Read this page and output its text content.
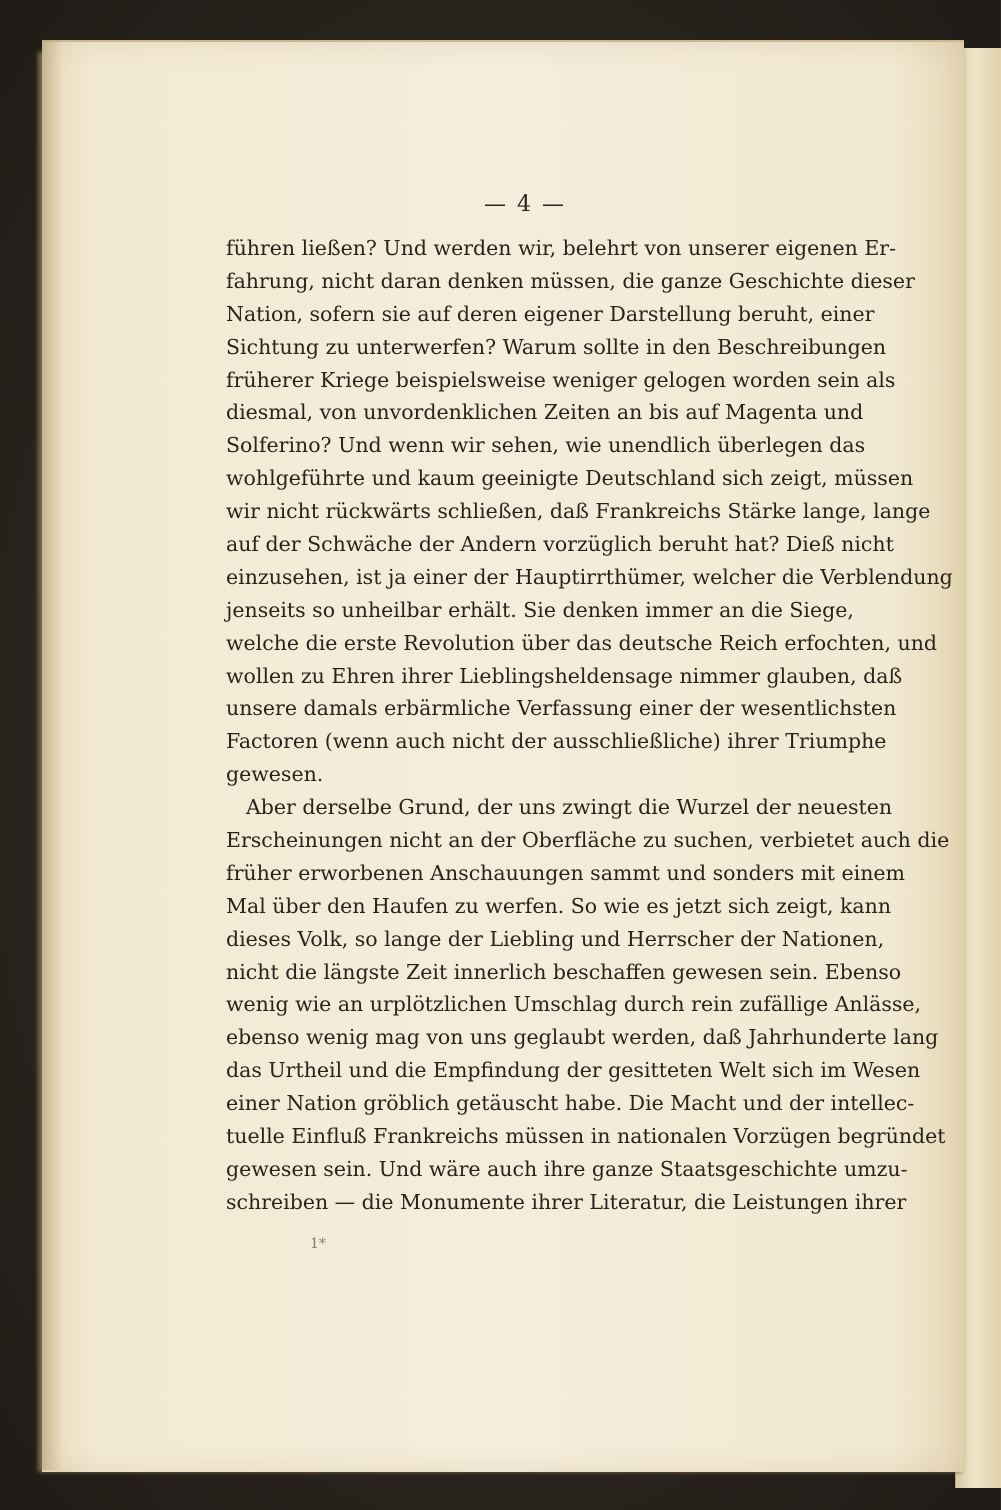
— 4 —
führen ließen? Und werden wir, belehrt von unserer eigenen Er-
fahrung, nicht daran denken müssen, die ganze Geschichte dieser
Nation, sofern sie auf deren eigener Darstellung beruht, einer
Sichtung zu unterwerfen? Warum sollte in den Beschreibungen
früherer Kriege beispielsweise weniger gelogen worden sein als
diesmal, von unvordenklichen Zeiten an bis auf Magenta und
Solferino? Und wenn wir sehen, wie unendlich überlegen das
wohlgeführte und kaum geeinigte Deutschland sich zeigt, müssen
wir nicht rückwärts schließen, daß Frankreichs Stärke lange, lange
auf der Schwäche der Andern vorzüglich beruht hat? Dieß nicht
einzusehen, ist ja einer der Hauptirrthümer, welcher die Verblendung
jenseits so unheilbar erhält. Sie denken immer an die Siege,
welche die erste Revolution über das deutsche Reich erfochten, und
wollen zu Ehren ihrer Lieblingsheldensage nimmer glauben, daß
unsere damals erbärmliche Verfassung einer der wesentlichsten
Factoren (wenn auch nicht der ausschließliche) ihrer Triumphe
gewesen.
Aber derselbe Grund, der uns zwingt die Wurzel der neuesten
Erscheinungen nicht an der Oberfläche zu suchen, verbietet auch die
früher erworbenen Anschauungen sammt und sonders mit einem
Mal über den Haufen zu werfen. So wie es jetzt sich zeigt, kann
dieses Volk, so lange der Liebling und Herrscher der Nationen,
nicht die längste Zeit innerlich beschaffen gewesen sein. Ebenso
wenig wie an urplötzlichen Umschlag durch rein zufällige Anlässe,
ebenso wenig mag von uns geglaubt werden, daß Jahrhunderte lang
das Urtheil und die Empfindung der gesitteten Welt sich im Wesen
einer Nation gröblich getäuscht habe. Die Macht und der intellec-
tuelle Einfluß Frankreichs müssen in nationalen Vorzügen begründet
gewesen sein. Und wäre auch ihre ganze Staatsgeschichte umzu-
schreiben — die Monumente ihrer Literatur, die Leistungen ihrer
1*
